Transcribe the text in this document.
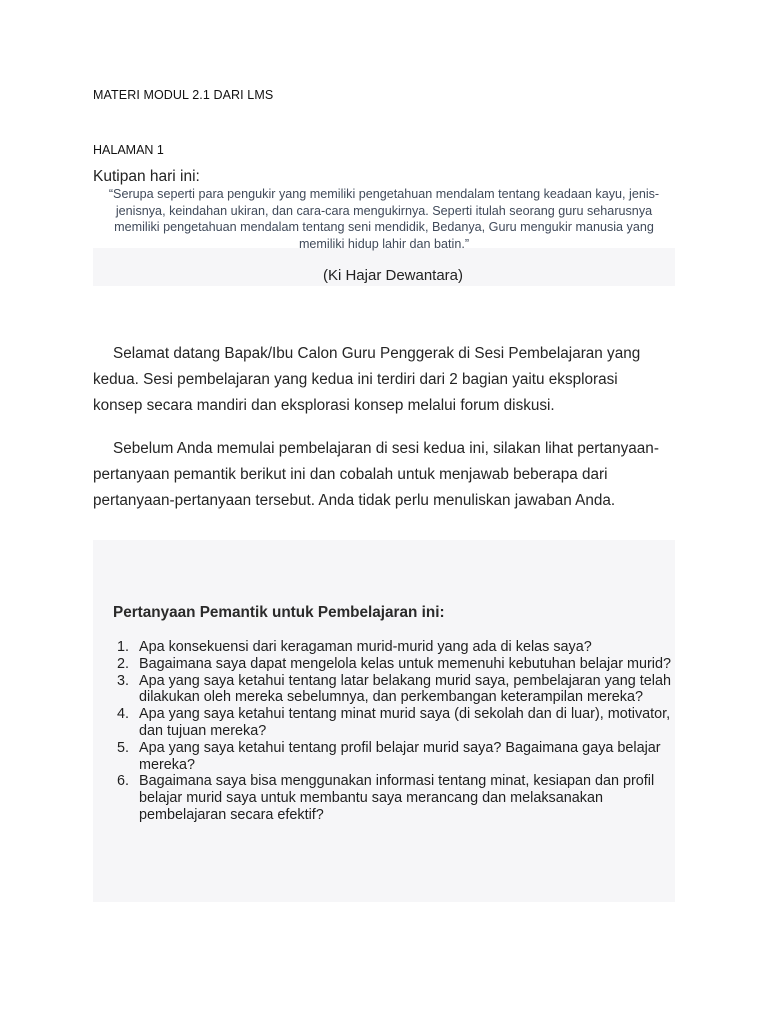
MATERI MODUL 2.1 DARI LMS
HALAMAN 1
Kutipan hari ini:
“Serupa seperti para pengukir yang memiliki pengetahuan mendalam tentang keadaan kayu, jenis-jenisnya, keindahan ukiran, dan cara-cara mengukirnya. Seperti itulah seorang guru seharusnya memiliki pengetahuan mendalam tentang seni mendidik, Bedanya, Guru mengukir manusia yang memiliki hidup lahir dan batin.”
(Ki Hajar Dewantara)

Selamat datang Bapak/Ibu Calon Guru Penggerak di Sesi Pembelajaran yang kedua. Sesi pembelajaran yang kedua ini terdiri dari 2 bagian yaitu eksplorasi konsep secara mandiri dan eksplorasi konsep melalui forum diskusi.

Sebelum Anda memulai pembelajaran di sesi kedua ini, silakan lihat pertanyaan-pertanyaan pemantik berikut ini dan cobalah untuk menjawab beberapa dari pertanyaan-pertanyaan tersebut. Anda tidak perlu menuliskan jawaban Anda.

Pertanyaan Pemantik untuk Pembelajaran ini:
1. Apa konsekuensi dari keragaman murid-murid yang ada di kelas saya?
2. Bagaimana saya dapat mengelola kelas untuk memenuhi kebutuhan belajar murid?
3. Apa yang saya ketahui tentang latar belakang murid saya, pembelajaran yang telah dilakukan oleh mereka sebelumnya, dan perkembangan keterampilan mereka?
4. Apa yang saya ketahui tentang minat murid saya (di sekolah dan di luar), motivator, dan tujuan mereka?
5. Apa yang saya ketahui tentang profil belajar murid saya? Bagaimana gaya belajar mereka?
6. Bagaimana saya bisa menggunakan informasi tentang minat, kesiapan dan profil belajar murid saya untuk membantu saya merancang dan melaksanakan pembelajaran secara efektif?
